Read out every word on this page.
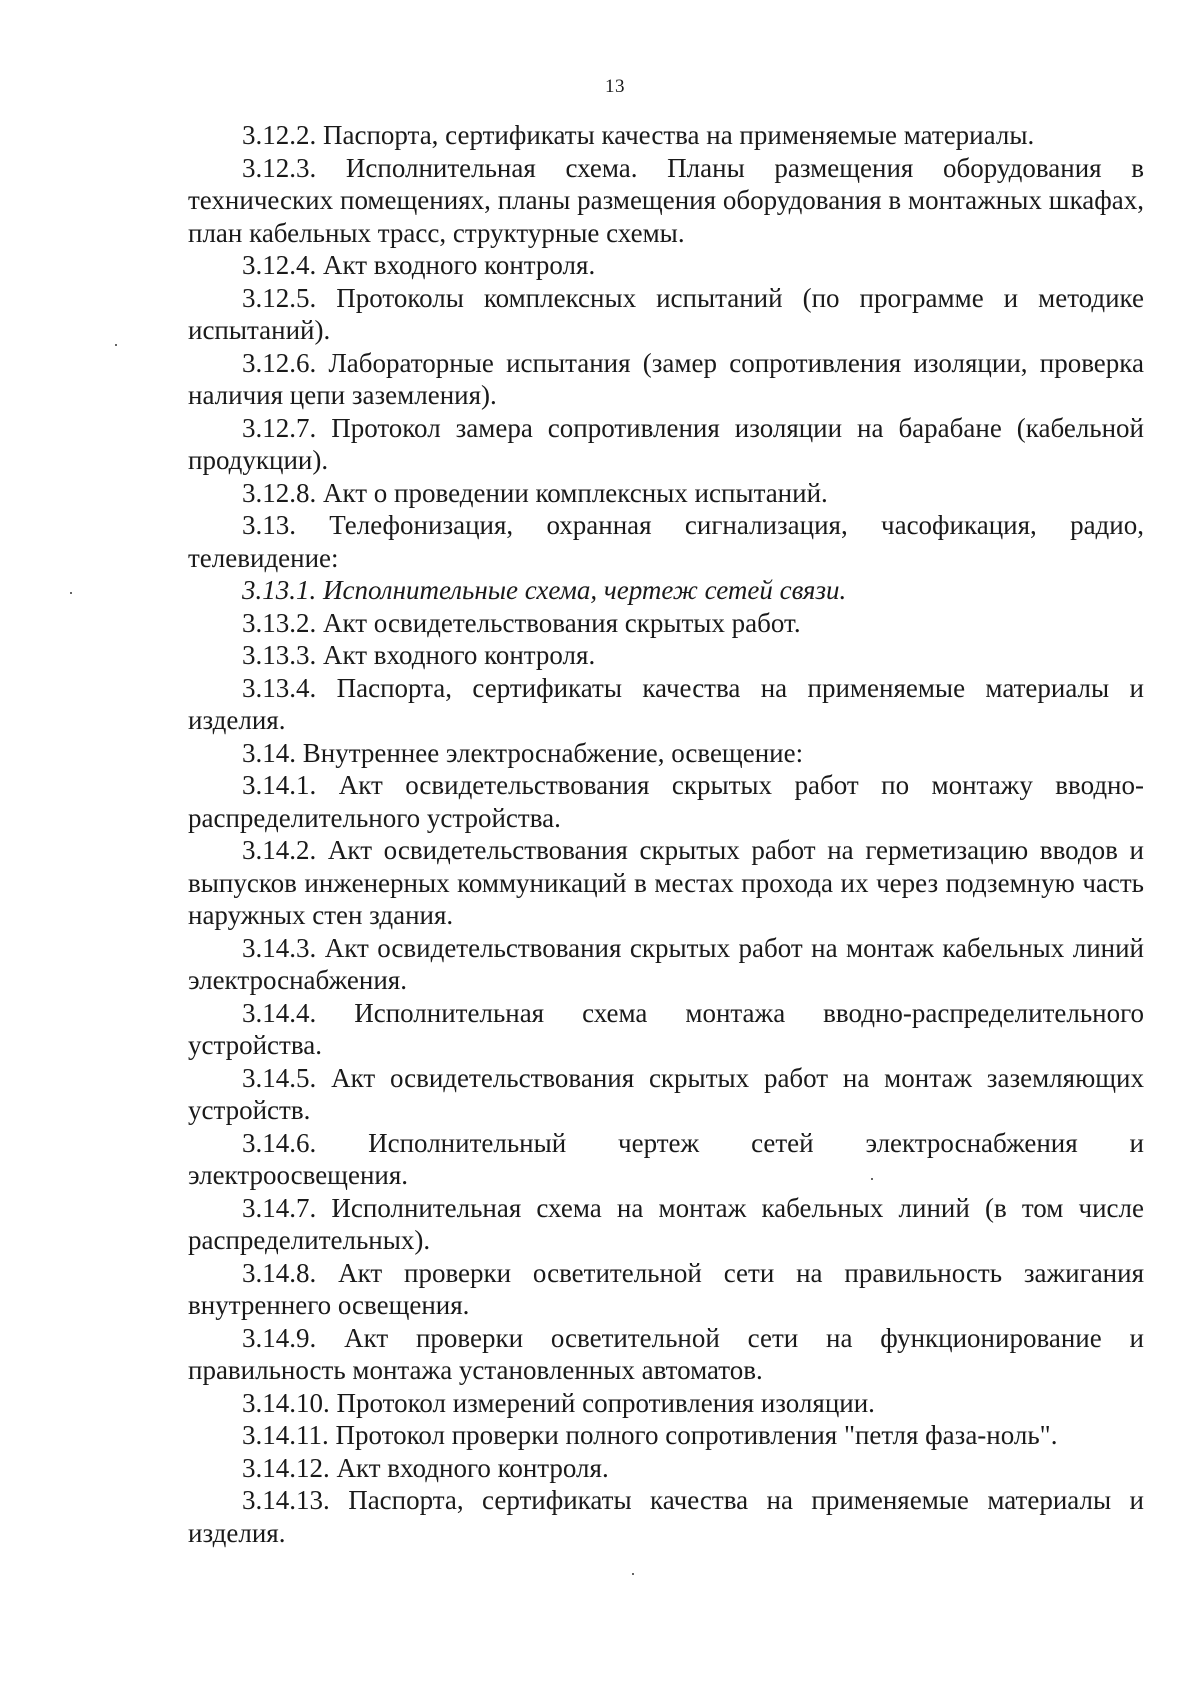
13

3.12.2. Паспорта, сертификаты качества на применяемые материалы.

3.12.3. Исполнительная схема. Планы размещения оборудования в технических помещениях, планы размещения оборудования в монтажных шкафах, план кабельных трасс, структурные схемы.

3.12.4. Акт входного контроля.

3.12.5. Протоколы комплексных испытаний (по программе и методике испытаний).

3.12.6. Лабораторные испытания (замер сопротивления изоляции, проверка наличия цепи заземления).

3.12.7. Протокол замера сопротивления изоляции на барабане (кабельной продукции).

3.12.8. Акт о проведении комплексных испытаний.

3.13. Телефонизация, охранная сигнализация, часофикация, радио, телевидение:

3.13.1. Исполнительные схема, чертеж сетей связи.

3.13.2. Акт освидетельствования скрытых работ.

3.13.3. Акт входного контроля.

3.13.4. Паспорта, сертификаты качества на применяемые материалы и изделия.

3.14. Внутреннее электроснабжение, освещение:

3.14.1. Акт освидетельствования скрытых работ по монтажу вводно-распределительного устройства.

3.14.2. Акт освидетельствования скрытых работ на герметизацию вводов и выпусков инженерных коммуникаций в местах прохода их через подземную часть наружных стен здания.

3.14.3. Акт освидетельствования скрытых работ на монтаж кабельных линий электроснабжения.

3.14.4. Исполнительная схема монтажа вводно-распределительного устройства.

3.14.5. Акт освидетельствования скрытых работ на монтаж заземляющих устройств.

3.14.6. Исполнительный чертеж сетей электроснабжения и электроосвещения.

3.14.7. Исполнительная схема на монтаж кабельных линий (в том числе распределительных).

3.14.8. Акт проверки осветительной сети на правильность зажигания внутреннего освещения.

3.14.9. Акт проверки осветительной сети на функционирование и правильность монтажа установленных автоматов.

3.14.10. Протокол измерений сопротивления изоляции.

3.14.11. Протокол проверки полного сопротивления "петля фаза-ноль".

3.14.12. Акт входного контроля.

3.14.13. Паспорта, сертификаты качества на применяемые материалы и изделия.
